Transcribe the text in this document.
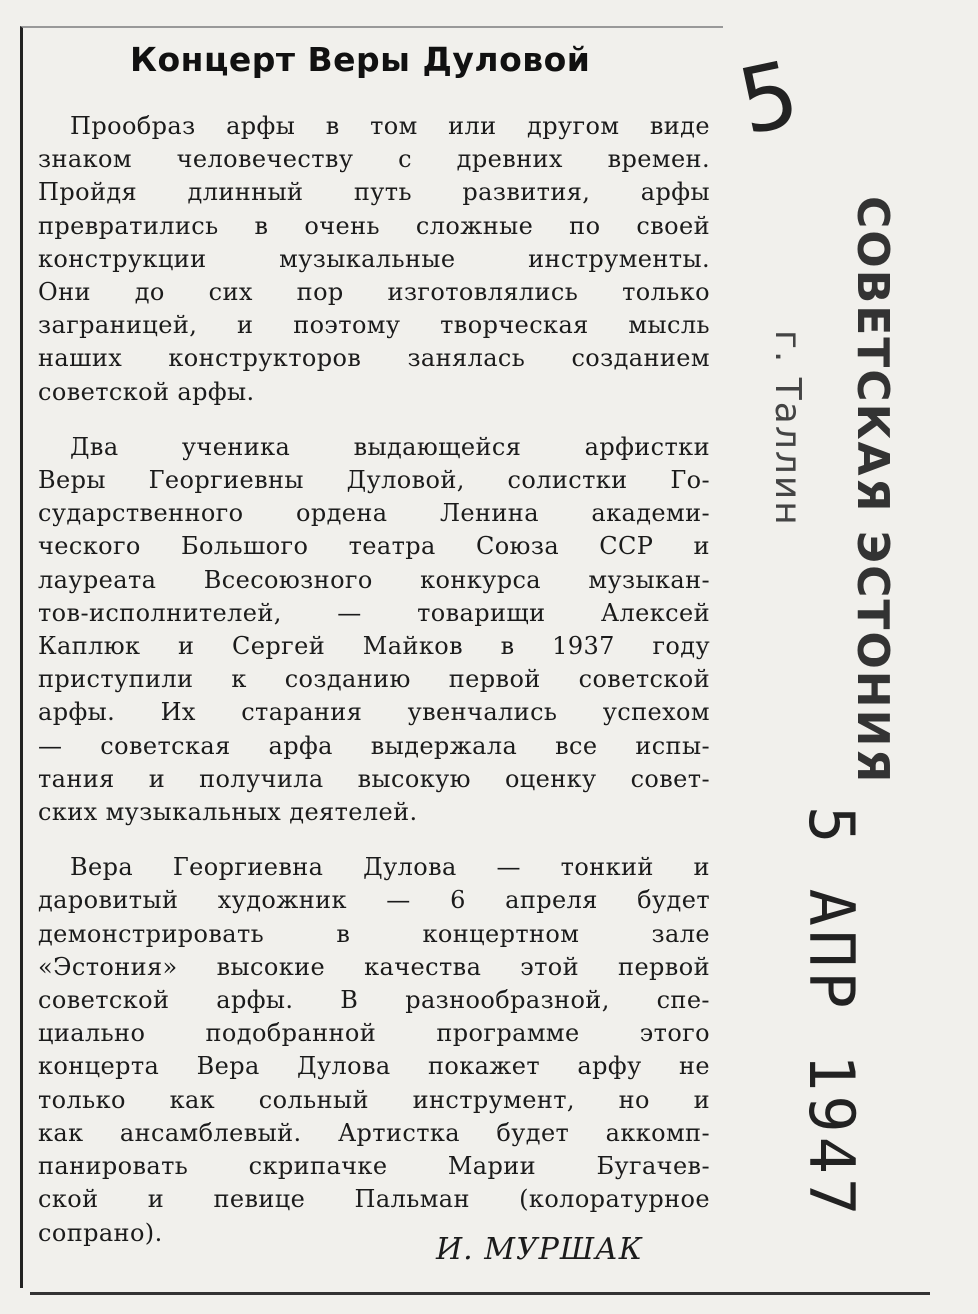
Концерт Веры Дуловой
Прообраз арфы в том или другом виде
знаком человечеству с древних времен.
Пройдя длинный путь развития, арфы
превратились в очень сложные по своей
конструкции	музыкальные	инструменты.
Они до сих пор изготовлялись только
заграницей, и поэтому творческая мысль
наших конструкторов занялась созданием
советской арфы.
Два	ученика	выдающейся	арфистки
Веры Георгиевны Дуловой, солистки Го-
сударственного ордена Ленина академи-
ческого Большого театра Союза ССР и
лауреата Всесоюзного конкурса музыкан-
тов-исполнителей, — товарищи Алексей
Каплюк и Сергей Майков в 1937 году
приступили к созданию первой советской
арфы. Их старания увенчались успехом
— советская арфа выдержала все испы-
тания и получила высокую оценку совет-
ских музыкальных деятелей.
Вера Георгиевна Дулова — тонкий и
даровитый художник — 6 апреля будет
демонстрировать	в	концертном	зале
«Эстония» высокие качества этой первой
советской арфы. В разнообразной, спе-
циально	подобранной	программе	этого
концерта Вера Дулова покажет арфу не
только как сольный инструмент, но и
как ансамблевый. Артистка будет аккомп-
панировать	скрипачке	Марии	Бугачев-
ской и певице Пальман (колоратурное
сопрано).	И. МУРШАК
5
СОВЕТСКАЯ ЭСТОНИЯ
г. Таллин
5 АПР 1947
